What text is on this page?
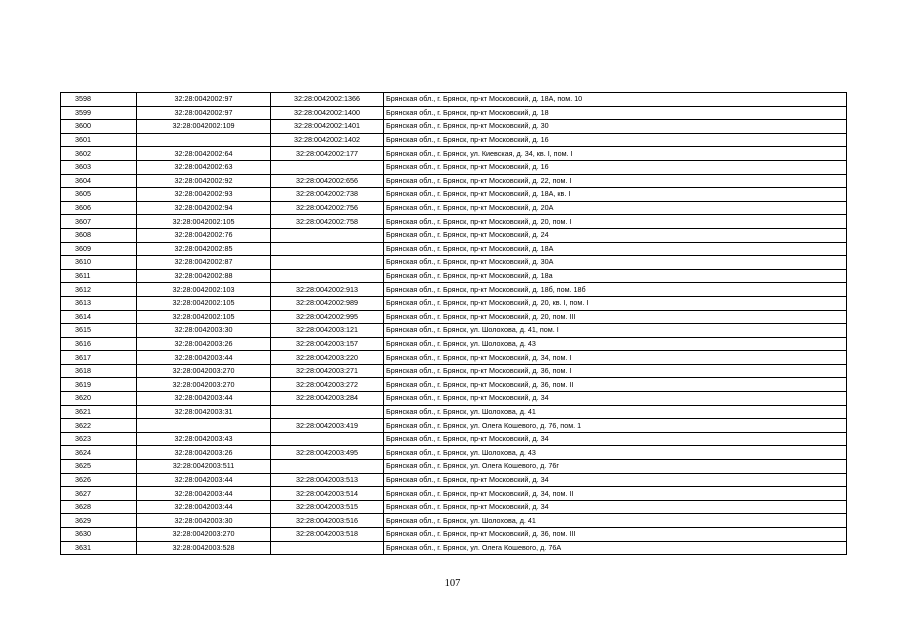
3598	32:28:0042002:97	32:28:0042002:1366	Брянская обл., г. Брянск, пр-кт Московский, д. 18А, пом. 10
3599	32:28:0042002:97	32:28:0042002:1400	Брянская обл., г. Брянск, пр-кт Московский, д. 18
3600	32:28:0042002:109	32:28:0042002:1401	Брянская обл., г. Брянск, пр-кт Московский, д. 30
3601		32:28:0042002:1402	Брянская обл., г. Брянск, пр-кт Московский, д. 16
3602	32:28:0042002:64	32:28:0042002:177	Брянская обл., г. Брянск, ул. Киевская, д. 34, кв. I, пом. I
3603	32:28:0042002:63		Брянская обл., г. Брянск, пр-кт Московский, д. 16
3604	32:28:0042002:92	32:28:0042002:656	Брянская обл., г. Брянск, пр-кт Московский, д. 22, пом. I
3605	32:28:0042002:93	32:28:0042002:738	Брянская обл., г. Брянск, пр-кт Московский, д. 18А, кв. I
3606	32:28:0042002:94	32:28:0042002:756	Брянская обл., г. Брянск, пр-кт Московский, д. 20А
3607	32:28:0042002:105	32:28:0042002:758	Брянская обл., г. Брянск, пр-кт Московский, д. 20, пом. I
3608	32:28:0042002:76		Брянская обл., г. Брянск, пр-кт Московский, д. 24
3609	32:28:0042002:85		Брянская обл., г. Брянск, пр-кт Московский, д. 18А
3610	32:28:0042002:87		Брянская обл., г. Брянск, пр-кт Московский, д. 30А
3611	32:28:0042002:88		Брянская обл., г. Брянск, пр-кт Московский, д. 18а
3612	32:28:0042002:103	32:28:0042002:913	Брянская обл., г. Брянск, пр-кт Московский, д. 18б, пом. 18б
3613	32:28:0042002:105	32:28:0042002:989	Брянская обл., г. Брянск, пр-кт Московский, д. 20, кв. I, пом. I
3614	32:28:0042002:105	32:28:0042002:995	Брянская обл., г. Брянск, пр-кт Московский, д. 20, пом. III
3615	32:28:0042003:30	32:28:0042003:121	Брянская обл., г. Брянск, ул. Шолохова, д. 41, пом. I
3616	32:28:0042003:26	32:28:0042003:157	Брянская обл., г. Брянск, ул. Шолохова, д. 43
3617	32:28:0042003:44	32:28:0042003:220	Брянская обл., г. Брянск, пр-кт Московский, д. 34, пом. I
3618	32:28:0042003:270	32:28:0042003:271	Брянская обл., г. Брянск, пр-кт Московский, д. 36, пом. I
3619	32:28:0042003:270	32:28:0042003:272	Брянская обл., г. Брянск, пр-кт Московский, д. 36, пом. II
3620	32:28:0042003:44	32:28:0042003:284	Брянская обл., г. Брянск, пр-кт Московский, д. 34
3621	32:28:0042003:31		Брянская обл., г. Брянск, ул. Шолохова, д. 41
3622		32:28:0042003:419	Брянская обл., г. Брянск, ул. Олега Кошевого, д. 76, пом. 1
3623	32:28:0042003:43		Брянская обл., г. Брянск, пр-кт Московский, д. 34
3624	32:28:0042003:26	32:28:0042003:495	Брянская обл., г. Брянск, ул. Шолохова, д. 43
3625	32:28:0042003:511		Брянская обл., г. Брянск, ул. Олега Кошевого, д. 76г
3626	32:28:0042003:44	32:28:0042003:513	Брянская обл., г. Брянск, пр-кт Московский, д. 34
3627	32:28:0042003:44	32:28:0042003:514	Брянская обл., г. Брянск, пр-кт Московский, д. 34, пом. II
3628	32:28:0042003:44	32:28:0042003:515	Брянская обл., г. Брянск, пр-кт Московский, д. 34
3629	32:28:0042003:30	32:28:0042003:516	Брянская обл., г. Брянск, ул. Шолохова, д. 41
3630	32:28:0042003:270	32:28:0042003:518	Брянская обл., г. Брянск, пр-кт Московский, д. 36, пом. III
3631	32:28:0042003:528		Брянская обл., г. Брянск, ул. Олега Кошевого, д. 76А
107
